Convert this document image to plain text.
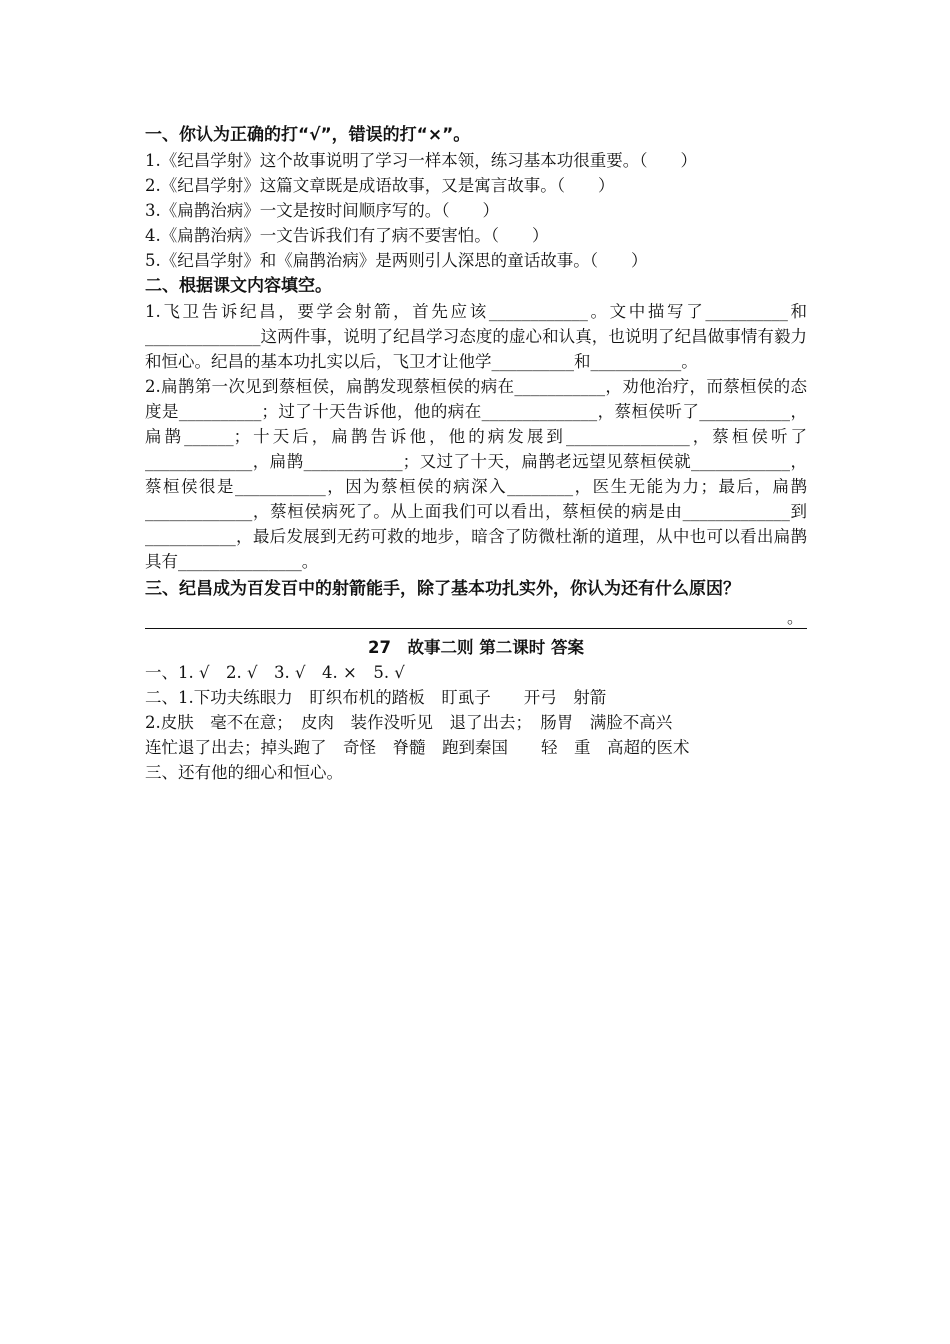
一、你认为正确的打“√”，错误的打“×”。
1.《纪昌学射》这个故事说明了学习一样本领，练习基本功很重要。（　　）
2.《纪昌学射》这篇文章既是成语故事，又是寓言故事。（　　）
3.《扁鹊治病》一文是按时间顺序写的。（　　）
4.《扁鹊治病》一文告诉我们有了病不要害怕。（　　）
5.《纪昌学射》和《扁鹊治病》是两则引人深思的童话故事。（　　）
二、根据课文内容填空。
1.飞卫告诉纪昌，要学会射箭，首先应该____________。文中描写了__________和______________这两件事，说明了纪昌学习态度的虚心和认真，也说明了纪昌做事情有毅力和恒心。纪昌的基本功扎实以后，飞卫才让他学__________和___________。
2.扁鹊第一次见到蔡桓侯，扁鹊发现蔡桓侯的病在___________，劝他治疗，而蔡桓侯的态度是__________；过了十天告诉他，他的病在______________，蔡桓侯听了___________，扁鹊______；十天后，扁鹊告诉他，他的病发展到_______________，蔡桓侯听了_____________，扁鹊____________；又过了十天，扁鹊老远望见蔡桓侯就____________，蔡桓侯很是___________，因为蔡桓侯的病深入________，医生无能为力；最后，扁鹊_____________，蔡桓侯病死了。从上面我们可以看出，蔡桓侯的病是由_____________到___________，最后发展到无药可救的地步，暗含了防微杜渐的道理，从中也可以看出扁鹊具有_______________。
三、纪昌成为百发百中的射箭能手，除了基本功扎实外，你认为还有什么原因？
。
27　故事二则 第二课时 答案
一、1. √　2. √　3. √　4. ×　5. √
二、1.下功夫练眼力　盯织布机的踏板　盯虱子　　开弓　射箭
2.皮肤　毫不在意；　皮肉　装作没听见　退了出去；　肠胃　满脸不高兴
连忙退了出去；掉头跑了　奇怪　脊髓　跑到秦国　　轻　重　高超的医术
三、还有他的细心和恒心。
